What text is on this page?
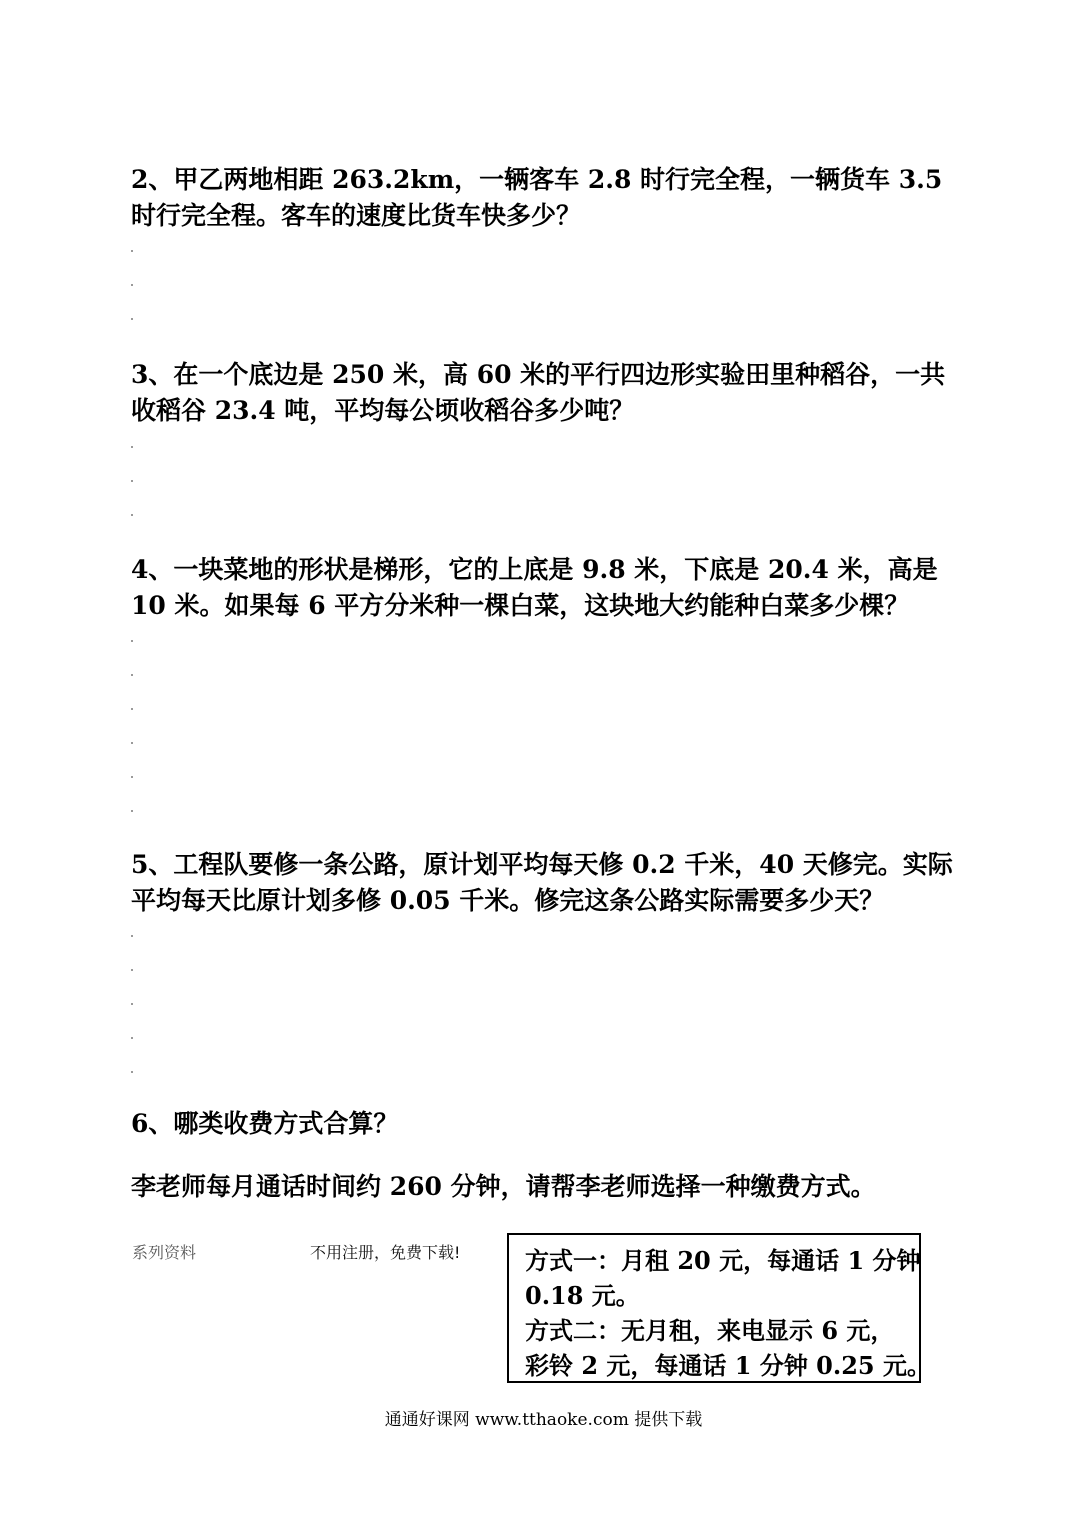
2、甲乙两地相距 263.2km，一辆客车 2.8 时行完全程，一辆货车 3.5 时行完全程。客车的速度比货车快多少？

3、在一个底边是 250 米，高 60 米的平行四边形实验田里种稻谷，一共收稻谷 23.4 吨，平均每公顷收稻谷多少吨？

4、一块菜地的形状是梯形，它的上底是 9.8 米，下底是 20.4 米，高是 10 米。如果每 6 平方分米种一棵白菜，这块地大约能种白菜多少棵？

5、工程队要修一条公路，原计划平均每天修 0.2 千米，40 天修完。实际平均每天比原计划多修 0.05 千米。修完这条公路实际需要多少天？

6、哪类收费方式合算？

李老师每月通话时间约 260 分钟，请帮李老师选择一种缴费方式。

系列资料	不用注册，免费下载!	方式一：月租 20 元，每通话 1 分钟
0.18 元。
方式二：无月租，来电显示 6 元，
彩铃 2 元，每通话 1 分钟 0.25 元。
通通好课网 www.tthaoke.com 提供下载
